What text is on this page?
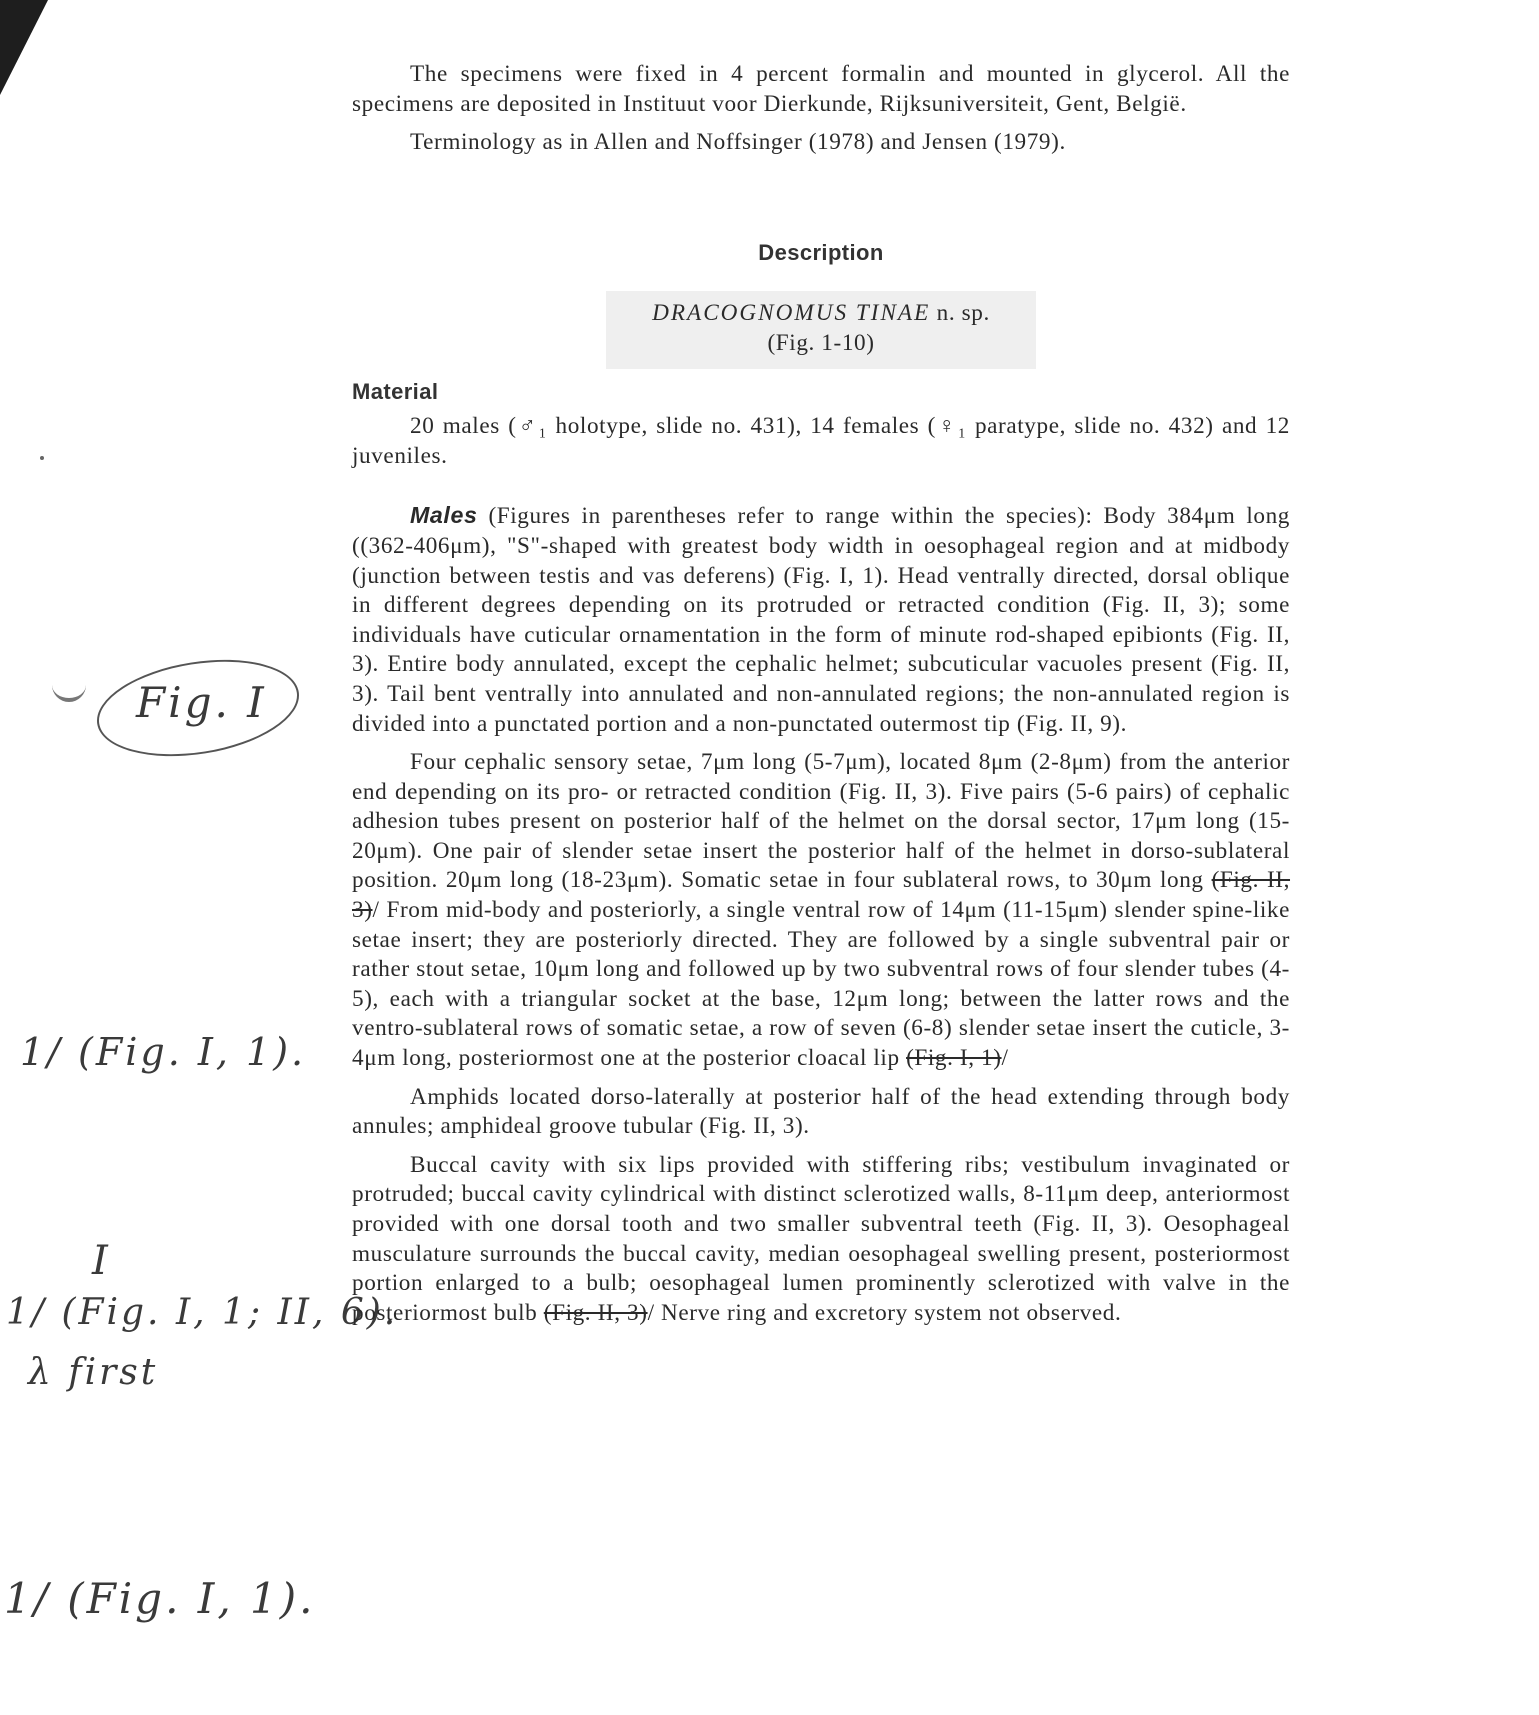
Fig. I
1/ (Fig. I, 1).
I
1/ (Fig. I, 1; II, 6).
λ first
1/ (Fig. I, 1).

The specimens were fixed in 4 percent formalin and mounted in glycerol. All the specimens are deposited in Instituut voor Dierkunde, Rijksuniversiteit, Gent, België.

Terminology as in Allen and Noffsinger (1978) and Jensen (1979).

Description
DRACOGNOMUS TINAE n. sp.
(Fig. 1-10)
Material

20 males (♂₁ holotype, slide no. 431), 14 females (♀₁ paratype, slide no. 432) and 12 juveniles.

Males (Figures in parentheses refer to range within the species): Body 384μm long ((362-406μm), "S"-shaped with greatest body width in oesophageal region and at midbody (junction between testis and vas deferens) (Fig. I, 1). Head ventrally directed, dorsal oblique in different degrees depending on its protruded or retracted condition (Fig. II, 3); some individuals have cuticular ornamentation in the form of minute rod-shaped epibionts (Fig. II, 3). Entire body annulated, except the cephalic helmet; subcuticular vacuoles present (Fig. II, 3). Tail bent ventrally into annulated and non-annulated regions; the non-annulated region is divided into a punctated portion and a non-punctated outermost tip (Fig. II, 9).

Four cephalic sensory setae, 7μm long (5-7μm), located 8μm (2-8μm) from the anterior end depending on its pro- or retracted condition (Fig. II, 3). Five pairs (5-6 pairs) of cephalic adhesion tubes present on posterior half of the helmet on the dorsal sector, 17μm long (15-20μm). One pair of slender setae insert the posterior half of the helmet in dorso-sublateral position. 20μm long (18-23μm). Somatic setae in four sublateral rows, to 30μm long (Fig. II, 3)/ From mid-body and posteriorly, a single ventral row of 14μm (11-15μm) slender spine-like setae insert; they are posteriorly directed. They are followed by a single subventral pair or rather stout setae, 10μm long and followed up by two subventral rows of four slender tubes (4-5), each with a triangular socket at the base, 12μm long; between the latter rows and the ventro-sublateral rows of somatic setae, a row of seven (6-8) slender setae insert the cuticle, 3-4μm long, posteriormost one at the posterior cloacal lip (Fig. I, 1)/

Amphids located dorso-laterally at posterior half of the head extending through body annules; amphideal groove tubular (Fig. II, 3).

Buccal cavity with six lips provided with stiffering ribs; vestibulum invaginated or protruded; buccal cavity cylindrical with distinct sclerotized walls, 8-11μm deep, anteriormost provided with one dorsal tooth and two smaller subventral teeth (Fig. II, 3). Oesophageal musculature surrounds the buccal cavity, median oesophageal swelling present, posteriormost portion enlarged to a bulb; oesophageal lumen prominently sclerotized with valve in the posteriormost bulb (Fig. II, 3)/ Nerve ring and excretory system not observed.
